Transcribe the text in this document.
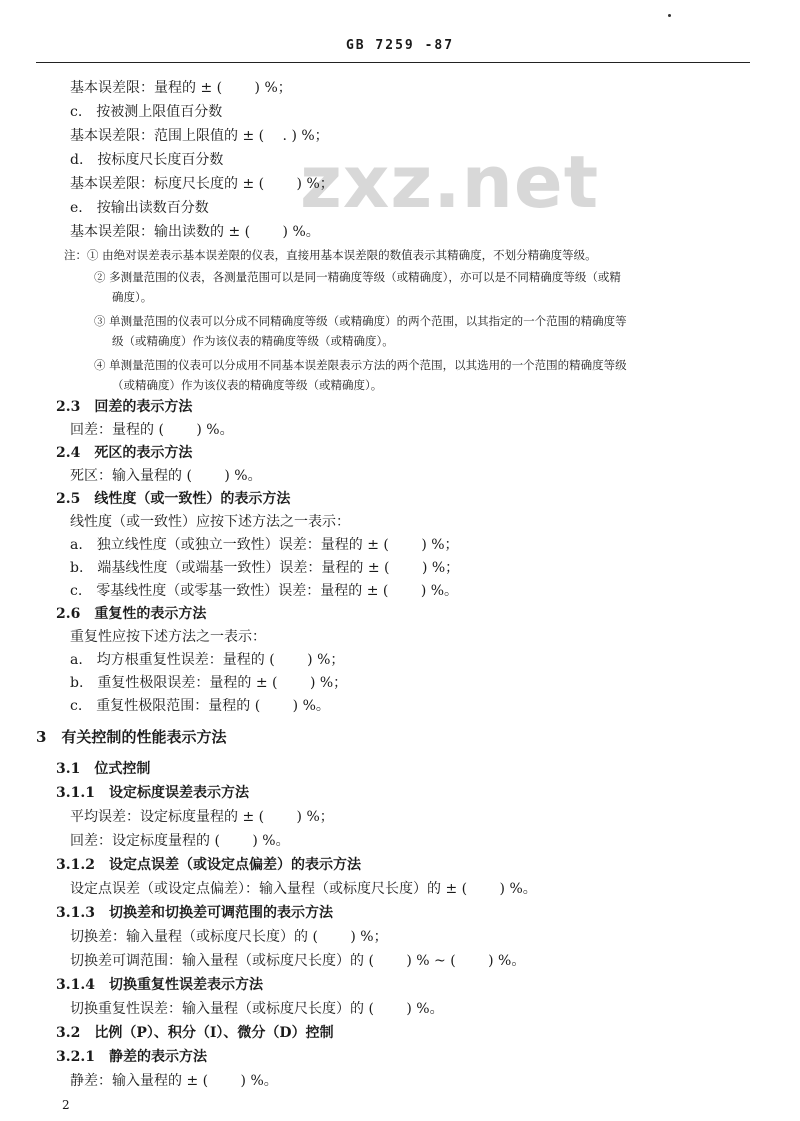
GB 7259 -87
zxz.net
基本误差限：量程的 ± (　　 ) %；
c.　按被测上限值百分数
基本误差限：范围上限值的 ± (　 . ) %；
d.　按标度尺长度百分数
基本误差限：标度尺长度的 ± (　　 ) %；
e.　按输出读数百分数
基本误差限：输出读数的 ± (　　 ) %。
注：① 由绝对误差表示基本误差限的仪表，直接用基本误差限的数值表示其精确度，不划分精确度等级。
② 多测量范围的仪表，各测量范围可以是同一精确度等级（或精确度），亦可以是不同精确度等级（或精
确度）。
③ 单测量范围的仪表可以分成不同精确度等级（或精确度）的两个范围，以其指定的一个范围的精确度等
级（或精确度）作为该仪表的精确度等级（或精确度）。
④ 单测量范围的仪表可以分成用不同基本误差限表示方法的两个范围，以其选用的一个范围的精确度等级
（或精确度）作为该仪表的精确度等级（或精确度）。
2.3　回差的表示方法
回差：量程的 (　　 ) %。
2.4　死区的表示方法
死区：输入量程的 (　　 ) %。
2.5　线性度（或一致性）的表示方法
线性度（或一致性）应按下述方法之一表示：
a.　独立线性度（或独立一致性）误差：量程的 ± (　　 ) %；
b.　端基线性度（或端基一致性）误差：量程的 ± (　　 ) %；
c.　零基线性度（或零基一致性）误差：量程的 ± (　　 ) %。
2.6　重复性的表示方法
重复性应按下述方法之一表示：
a.　均方根重复性误差：量程的 (　　 ) %；
b.　重复性极限误差：量程的 ± (　　 ) %；
c.　重复性极限范围：量程的 (　　 ) %。
3　有关控制的性能表示方法
3.1　位式控制
3.1.1　设定标度误差表示方法
平均误差：设定标度量程的 ± (　　 ) %；
回差：设定标度量程的 (　　 ) %。
3.1.2　设定点误差（或设定点偏差）的表示方法
设定点误差（或设定点偏差）：输入量程（或标度尺长度）的 ± (　　 ) %。
3.1.3　切换差和切换差可调范围的表示方法
切换差：输入量程（或标度尺长度）的 (　　 ) %；
切换差可调范围：输入量程（或标度尺长度）的 (　　 ) % ~ (　　 ) %。
3.1.4　切换重复性误差表示方法
切换重复性误差：输入量程（或标度尺长度）的 (　　 ) %。
3.2　比例（P）、积分（I）、微分（D）控制
3.2.1　静差的表示方法
静差：输入量程的 ± (　　 ) %。
2
